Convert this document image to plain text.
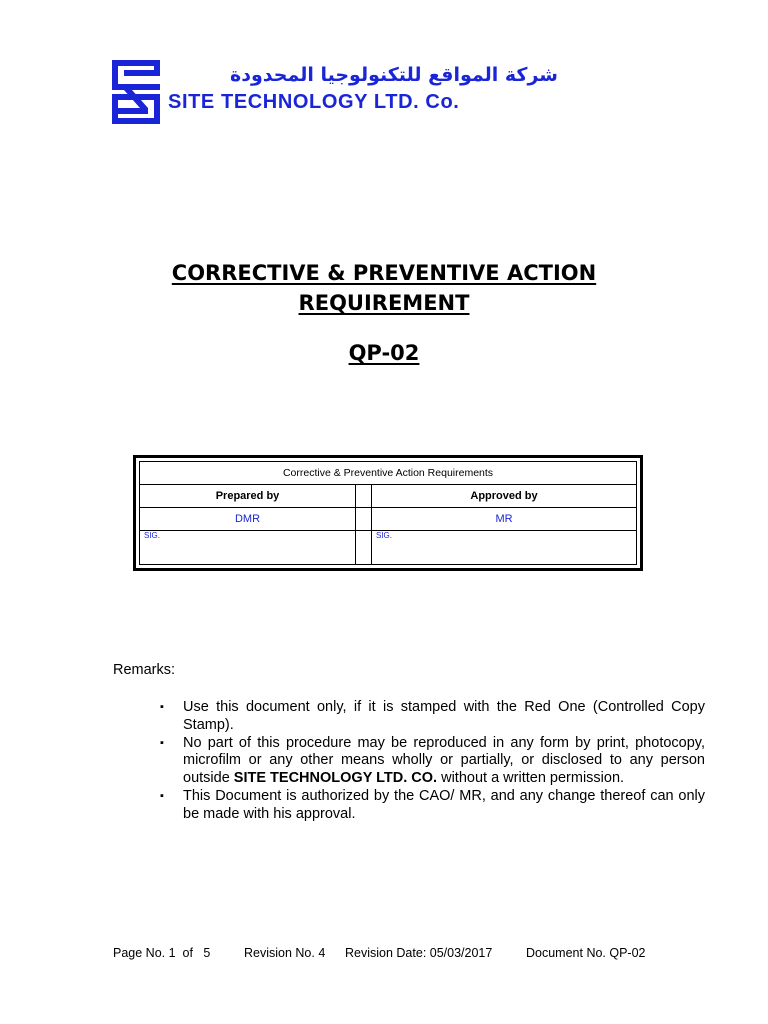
شركة المواقع للتكنولوجيا المحدودة
SITE TECHNOLOGY LTD. Co.
CORRECTIVE & PREVENTIVE ACTION
REQUIREMENT
QP-02
Corrective & Preventive Action Requirements		
Prepared by		Approved by
DMR		MR
SIG.		SIG.
Remarks:
▪ Use this document only, if it is stamped with the Red One (Controlled Copy Stamp).
▪ No part of this procedure may be reproduced in any form by print, photocopy, microfilm or any other means wholly or partially, or disclosed to any person outside SITE TECHNOLOGY LTD. CO. without a written permission.
▪ This Document is authorized by the CAO/ MR, and any change thereof can only be made with his approval.
Page No. 1  of   5	Revision No. 4 Revision Date: 05/03/2017	Document No. QP-02
